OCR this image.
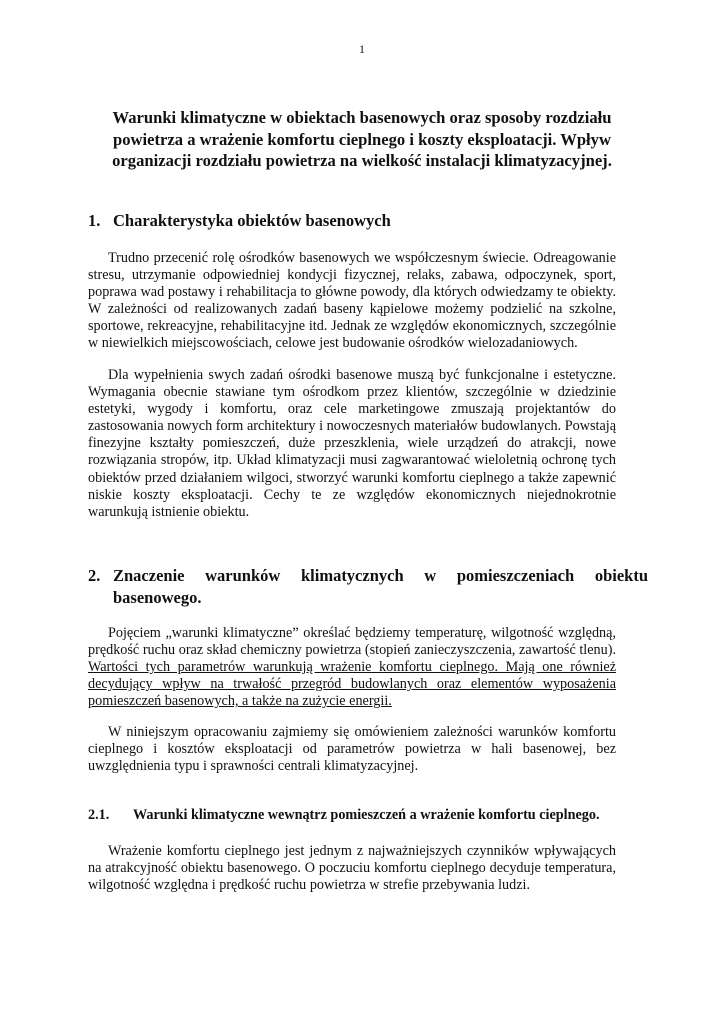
1
Warunki klimatyczne w obiektach basenowych oraz sposoby rozdziału powietrza a wrażenie komfortu cieplnego i koszty eksploatacji. Wpływ organizacji rozdziału powietrza na wielkość instalacji klimatyzacyjnej.
1. Charakterystyka obiektów basenowych

Trudno przecenić rolę ośrodków basenowych we współczesnym świecie. Odreagowanie stresu, utrzymanie odpowiedniej kondycji fizycznej, relaks, zabawa, odpoczynek, sport, poprawa wad postawy i rehabilitacja to główne powody, dla których odwiedzamy te obiekty. W zależności od realizowanych zadań baseny kąpielowe możemy podzielić na szkolne, sportowe, rekreacyjne, rehabilitacyjne itd. Jednak ze względów ekonomicznych, szczególnie w niewielkich miejscowościach, celowe jest budowanie ośrodków wielozadaniowych.

Dla wypełnienia swych zadań ośrodki basenowe muszą być funkcjonalne i estetyczne. Wymagania obecnie stawiane tym ośrodkom przez klientów, szczególnie w dziedzinie estetyki, wygody i komfortu, oraz cele marketingowe zmuszają projektantów do zastosowania nowych form architektury i nowoczesnych materiałów budowlanych. Powstają finezyjne kształty pomieszczeń, duże przeszklenia, wiele urządzeń do atrakcji, nowe rozwiązania stropów, itp. Układ klimatyzacji musi zagwarantować wieloletnią ochronę tych obiektów przed działaniem wilgoci, stworzyć warunki komfortu cieplnego a także zapewnić niskie koszty eksploatacji. Cechy te ze względów ekonomicznych niejednokrotnie warunkują istnienie obiektu.

2. Znaczenie warunków klimatycznych w pomieszczeniach obiektu basenowego.

Pojęciem „warunki klimatyczne” określać będziemy temperaturę, wilgotność względną, prędkość ruchu oraz skład chemiczny powietrza (stopień zanieczyszczenia, zawartość tlenu). Wartości tych parametrów warunkują wrażenie komfortu cieplnego. Mają one również decydujący wpływ na trwałość przegród budowlanych oraz elementów wyposażenia pomieszczeń basenowych, a także na zużycie energii.

W niniejszym opracowaniu zajmiemy się omówieniem zależności warunków komfortu cieplnego i kosztów eksploatacji od parametrów powietrza w hali basenowej, bez uwzględnienia typu i sprawności centrali klimatyzacyjnej.

2.1. Warunki klimatyczne wewnątrz pomieszczeń a wrażenie komfortu cieplnego.

Wrażenie komfortu cieplnego jest jednym z najważniejszych czynników wpływających na atrakcyjność obiektu basenowego. O poczuciu komfortu cieplnego decyduje temperatura, wilgotność względna i prędkość ruchu powietrza w strefie przebywania ludzi.
